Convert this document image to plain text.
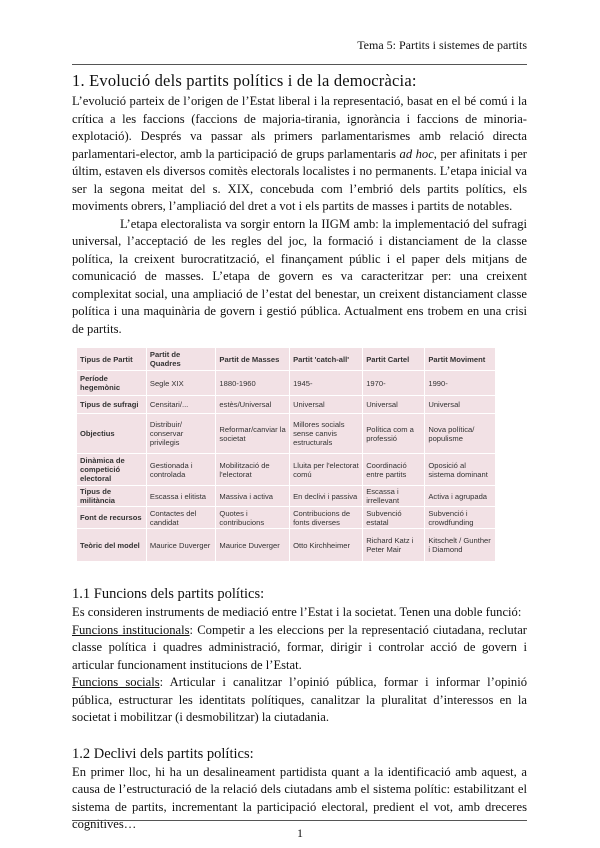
Tema 5: Partits i sistemes de partits
1. Evolució dels partits polítics i de la democràcia:

L’evolució parteix de l’origen de l’Estat liberal i la representació, basat en el bé comú i la crítica a les faccions (faccions de majoria-tirania, ignorància i faccions de minoria-explotació). Després va passar als primers parlamentarismes amb relació directa parlamentari-elector, amb la participació de grups parlamentaris ad hoc, per afinitats i per últim, estaven els diversos comitès electorals localistes i no permanents. L’etapa inicial va ser la segona meitat del s. XIX, concebuda com l’embrió dels partits polítics, els moviments obrers, l’ampliació del dret a vot i els partits de masses i partits de notables.

L’etapa electoralista va sorgir entorn la IIGM amb: la implementació del sufragi universal, l’acceptació de les regles del joc, la formació i distanciament de la classe política, la creixent burocratització, el finançament públic i el paper dels mitjans de comunicació de masses. L’etapa de govern es va caracteritzar per: una creixent complexitat social, una ampliació de l’estat del benestar, un creixent distanciament classe política i una maquinària de govern i gestió pública. Actualment ens trobem en una crisi de partits.

Tipus de Partit	Partit de Quadres	Partit de Masses	Partit 'catch-all'	Partit Cartel	Partit Moviment
Període hegemònic	Segle XIX	1880-1960	1945-	1970-	1990-
Tipus de sufragi	Censitari/...	estès/Universal	Universal	Universal	Universal
Objectius	Distribuir/ conservar privilegis	Reformar/canviar la societat	Millores socials sense canvis estructurals	Política com a professió	Nova política/ populisme
Dinàmica de competició electoral	Gestionada i controlada	Mobilització de l'electorat	Lluita per l'electorat comú	Coordinació entre partits	Oposició al sistema dominant
Tipus de militància	Escassa i elitista	Massiva i activa	En declivi i passiva	Escassa i irrellevant	Activa i agrupada
Font de recursos	Contactes del candidat	Quotes i contribucions	Contribucions de fonts diverses	Subvenció estatal	Subvenció i crowdfunding
Teòric del model	Maurice Duverger	Maurice Duverger	Otto Kirchheimer	Richard Katz i Peter Mair	Kitschelt / Gunther i Diamond
1.1 Funcions dels partits polítics:

Es consideren instruments de mediació entre l’Estat i la societat. Tenen una doble funció:

Funcions institucionals: Competir a les eleccions per la representació ciutadana, reclutar classe política i quadres administració, formar, dirigir i controlar acció de govern i articular funcionament institucions de l’Estat.

Funcions socials: Articular i canalitzar l’opinió pública, formar i informar l’opinió pública, estructurar les identitats polítiques, canalitzar la pluralitat d’interessos en la societat i mobilitzar (i desmobilitzar) la ciutadania.

1.2 Declivi dels partits polítics:

En primer lloc, hi ha un desalineament partidista quant a la identificació amb aquest, a causa de l’estructuració de la relació dels ciutadans amb el sistema polític: estabilitzant el sistema de partits, incrementant la participació electoral, predient el vot, amb dreceres cognitives…

1
